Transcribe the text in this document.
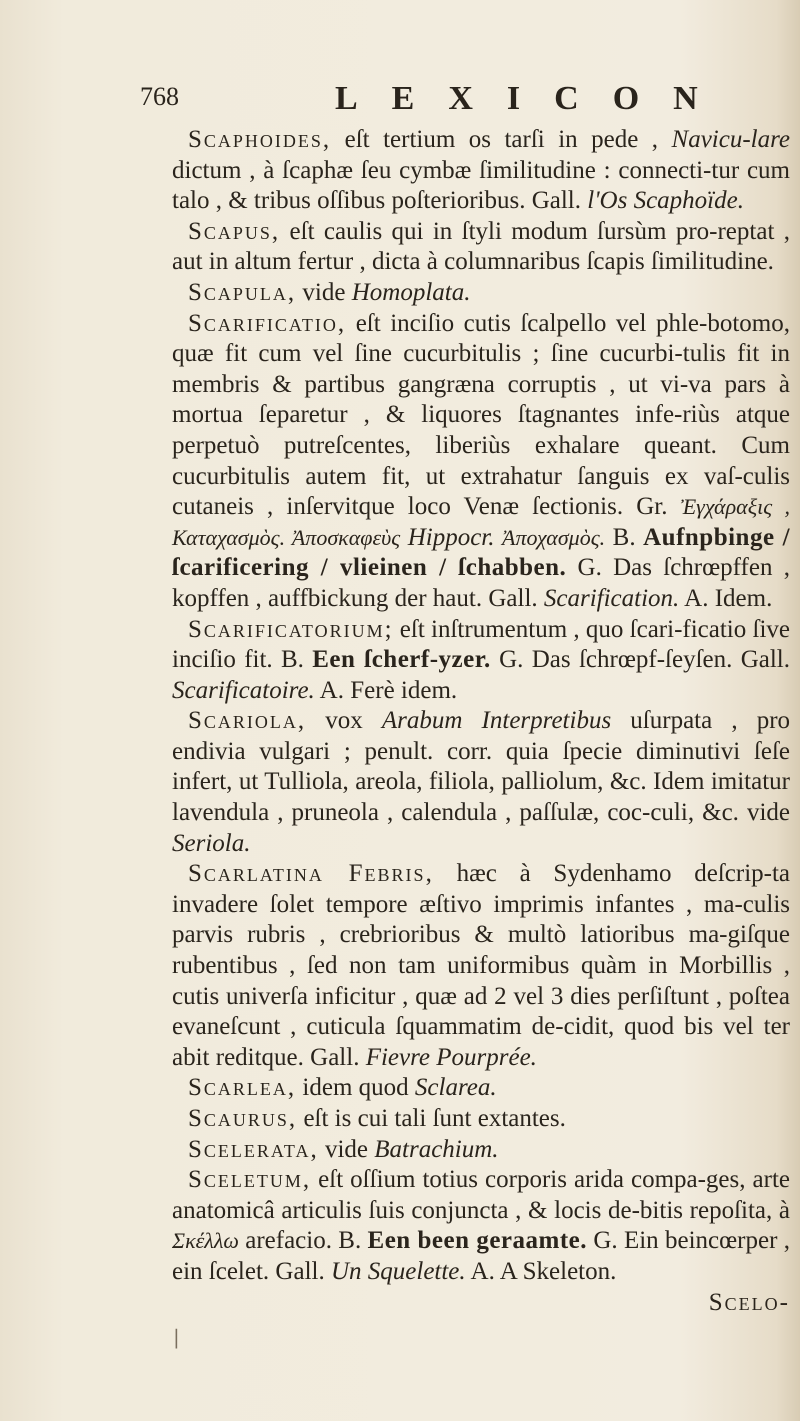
768	LEXICON

Scaphoides, eſt tertium os tarſi in pede , Navicu-lare dictum , à ſcaphæ ſeu cymbæ ſimilitudine : connecti-tur cum talo , & tribus oſſibus poſterioribus. Gall. l'Os Scaphoïde.

Scapus, eſt caulis qui in ſtyli modum ſursùm pro-reptat , aut in altum fertur , dicta à columnaribus ſcapis ſimilitudine.

Scapula, vide Homoplata.

Scarificatio, eſt inciſio cutis ſcalpello vel phle-botomo, quæ fit cum vel ſine cucurbitulis ; ſine cucurbi-tulis fit in membris & partibus gangræna corruptis , ut vi-va pars à mortua ſeparetur , & liquores ſtagnantes infe-riùs atque perpetuò putreſcentes, liberiùs exhalare queant. Cum cucurbitulis autem fit, ut extrahatur ſanguis ex vaſ-culis cutaneis , inſervitque loco Venæ ſectionis. Gr. Ἐγχάραξις , Καταχασμὸς. Ἀποσκαφεὺς Hippocr. Ἀποχασμὸς. B. Aufnpbinge / ſcarificering / vlieinen / ſchabben. G. Das ſchrœpffen , kopffen , auffbickung der haut. Gall. Scarification. A. Idem.

Scarificatorium; eſt inſtrumentum , quo ſcari-ficatio ſive inciſio fit. B. Een ſcherf-yzer. G. Das ſchrœpf-ſeyſen. Gall. Scarificatoire. A. Ferè idem.

Scariola, vox Arabum Interpretibus uſurpata , pro endivia vulgari ; penult. corr. quia ſpecie diminutivi ſeſe infert, ut Tulliola, areola, filiola, palliolum, &c. Idem imitatur lavendula , pruneola , calendula , paſſulæ, coc-culi, &c. vide Seriola.

Scarlatina Febris, hæc à Sydenhamo deſcrip-ta invadere ſolet tempore æſtivo imprimis infantes , ma-culis parvis rubris , crebrioribus & multò latioribus ma-giſque rubentibus , ſed non tam uniformibus quàm in Morbillis , cutis univerſa inficitur , quæ ad 2 vel 3 dies perſiſtunt , poſtea evaneſcunt , cuticula ſquammatim de-cidit, quod bis vel ter abit reditque. Gall. Fievre Pourprée.

Scarlea, idem quod Sclarea.

Scaurus, eſt is cui tali ſunt extantes.

Scelerata, vide Batrachium.

Sceletum, eſt oſſium totius corporis arida compa-ges, arte anatomicâ articulis ſuis conjuncta , & locis de-bitis repoſita, à Σκέλλω arefacio. B. Een been geraamte. G. Ein beincœrper , ein ſcelet. Gall. Un Squelette. A. A Skeleton.

Scelo-

|
